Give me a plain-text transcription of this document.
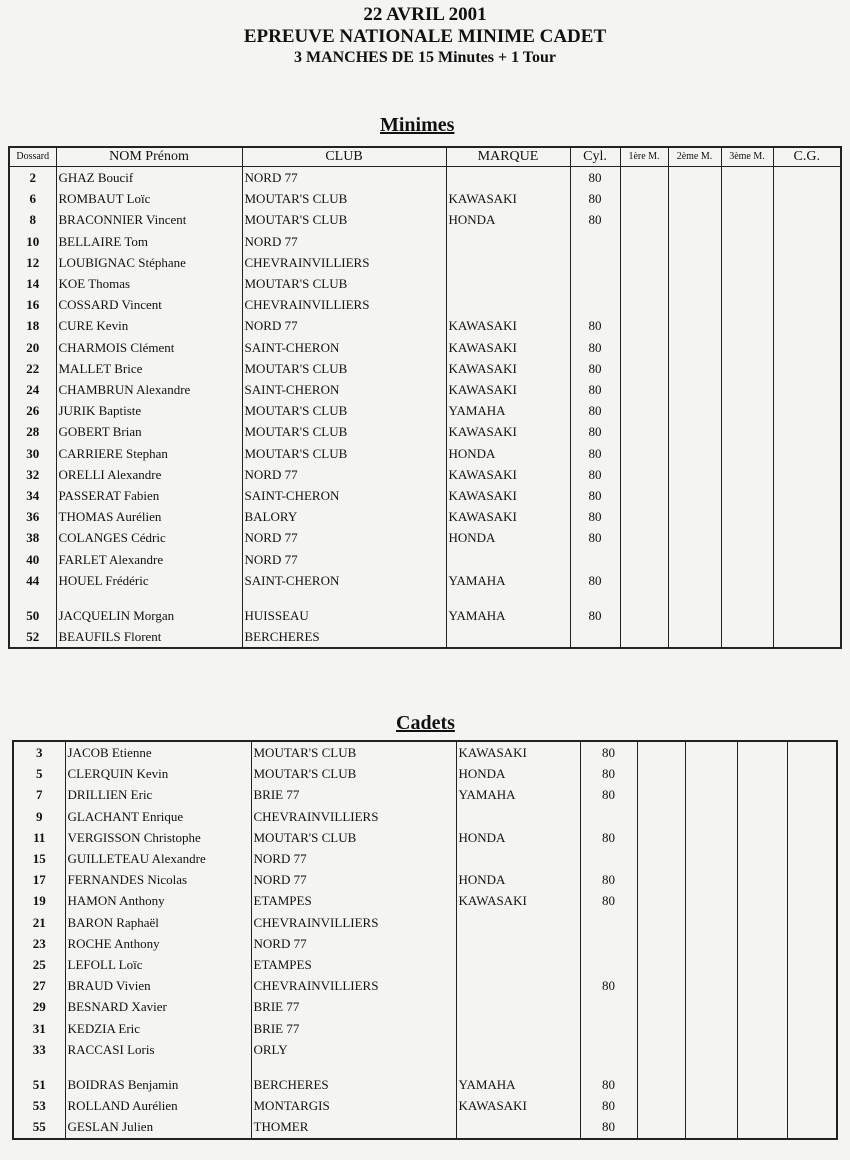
22 AVRIL 2001
EPREUVE NATIONALE MINIME CADET
3 MANCHES DE 15 Minutes + 1 Tour
Minimes
Dossard	NOM Prénom	CLUB	MARQUE	Cyl.	1ère M.	2ème M.	3ème M.	C.G.
2	GHAZ Boucif	NORD 77		80				
6	ROMBAUT Loïc	MOUTAR'S CLUB	KAWASAKI	80				
8	BRACONNIER Vincent	MOUTAR'S CLUB	HONDA	80				
10	BELLAIRE Tom	NORD 77						
12	LOUBIGNAC Stéphane	CHEVRAINVILLIERS						
14	KOE Thomas	MOUTAR'S CLUB						
16	COSSARD Vincent	CHEVRAINVILLIERS						
18	CURE Kevin	NORD 77	KAWASAKI	80				
20	CHARMOIS Clément	SAINT-CHERON	KAWASAKI	80				
22	MALLET Brice	MOUTAR'S CLUB	KAWASAKI	80				
24	CHAMBRUN Alexandre	SAINT-CHERON	KAWASAKI	80				
26	JURIK Baptiste	MOUTAR'S CLUB	YAMAHA	80				
28	GOBERT Brian	MOUTAR'S CLUB	KAWASAKI	80				
30	CARRIERE Stephan	MOUTAR'S CLUB	HONDA	80				
32	ORELLI Alexandre	NORD 77	KAWASAKI	80				
34	PASSERAT Fabien	SAINT-CHERON	KAWASAKI	80				
36	THOMAS Aurélien	BALORY	KAWASAKI	80				
38	COLANGES Cédric	NORD 77	HONDA	80				
40	FARLET Alexandre	NORD 77						
44	HOUEL Frédéric	SAINT-CHERON	YAMAHA	80				

50	JACQUELIN Morgan	HUISSEAU	YAMAHA	80				
52	BEAUFILS Florent	BERCHERES						
Cadets
3	JACOB Etienne	MOUTAR'S CLUB	KAWASAKI	80				
5	CLERQUIN Kevin	MOUTAR'S CLUB	HONDA	80				
7	DRILLIEN Eric	BRIE 77	YAMAHA	80				
9	GLACHANT Enrique	CHEVRAINVILLIERS						
11	VERGISSON Christophe	MOUTAR'S CLUB	HONDA	80				
15	GUILLETEAU Alexandre	NORD 77						
17	FERNANDES Nicolas	NORD 77	HONDA	80				
19	HAMON Anthony	ETAMPES	KAWASAKI	80				
21	BARON Raphaël	CHEVRAINVILLIERS						
23	ROCHE Anthony	NORD 77						
25	LEFOLL Loïc	ETAMPES						
27	BRAUD Vivien	CHEVRAINVILLIERS		80				
29	BESNARD Xavier	BRIE 77						
31	KEDZIA Eric	BRIE 77						
33	RACCASI Loris	ORLY						

51	BOIDRAS Benjamin	BERCHERES	YAMAHA	80				
53	ROLLAND Aurélien	MONTARGIS	KAWASAKI	80				
55	GESLAN Julien	THOMER		80				
